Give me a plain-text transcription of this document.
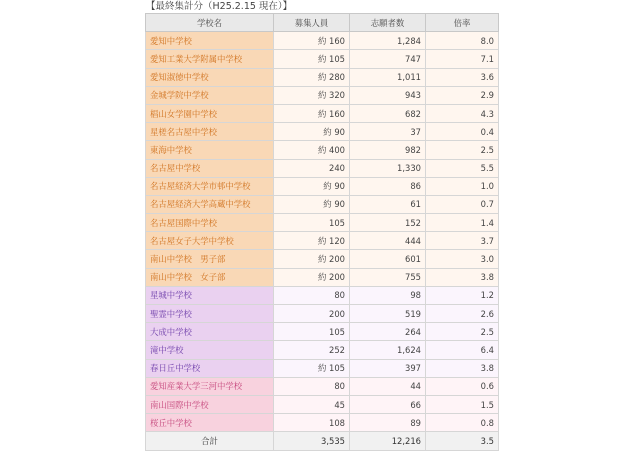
【最終集計分（H25.2.15 現在）】
学校名	募集人員	志願者数	倍率
愛知中学校	約 160	1,284	8.0
愛知工業大学附属中学校	約 105	747	7.1
愛知淑徳中学校	約 280	1,011	3.6
金城学院中学校	約 320	943	2.9
椙山女学園中学校	約 160	682	4.3
星槎名古屋中学校	約 90	37	0.4
東海中学校	約 400	982	2.5
名古屋中学校	240	1,330	5.5
名古屋経済大学市邨中学校	約 90	86	1.0
名古屋経済大学高蔵中学校	約 90	61	0.7
名古屋国際中学校	105	152	1.4
名古屋女子大学中学校	約 120	444	3.7
南山中学校　男子部	約 200	601	3.0
南山中学校　女子部	約 200	755	3.8
星城中学校	80	98	1.2
聖霊中学校	200	519	2.6
大成中学校	105	264	2.5
滝中学校	252	1,624	6.4
春日丘中学校	約 105	397	3.8
愛知産業大学三河中学校	80	44	0.6
南山国際中学校	45	66	1.5
桜丘中学校	108	89	0.8
合計	3,535	12,216	3.5
